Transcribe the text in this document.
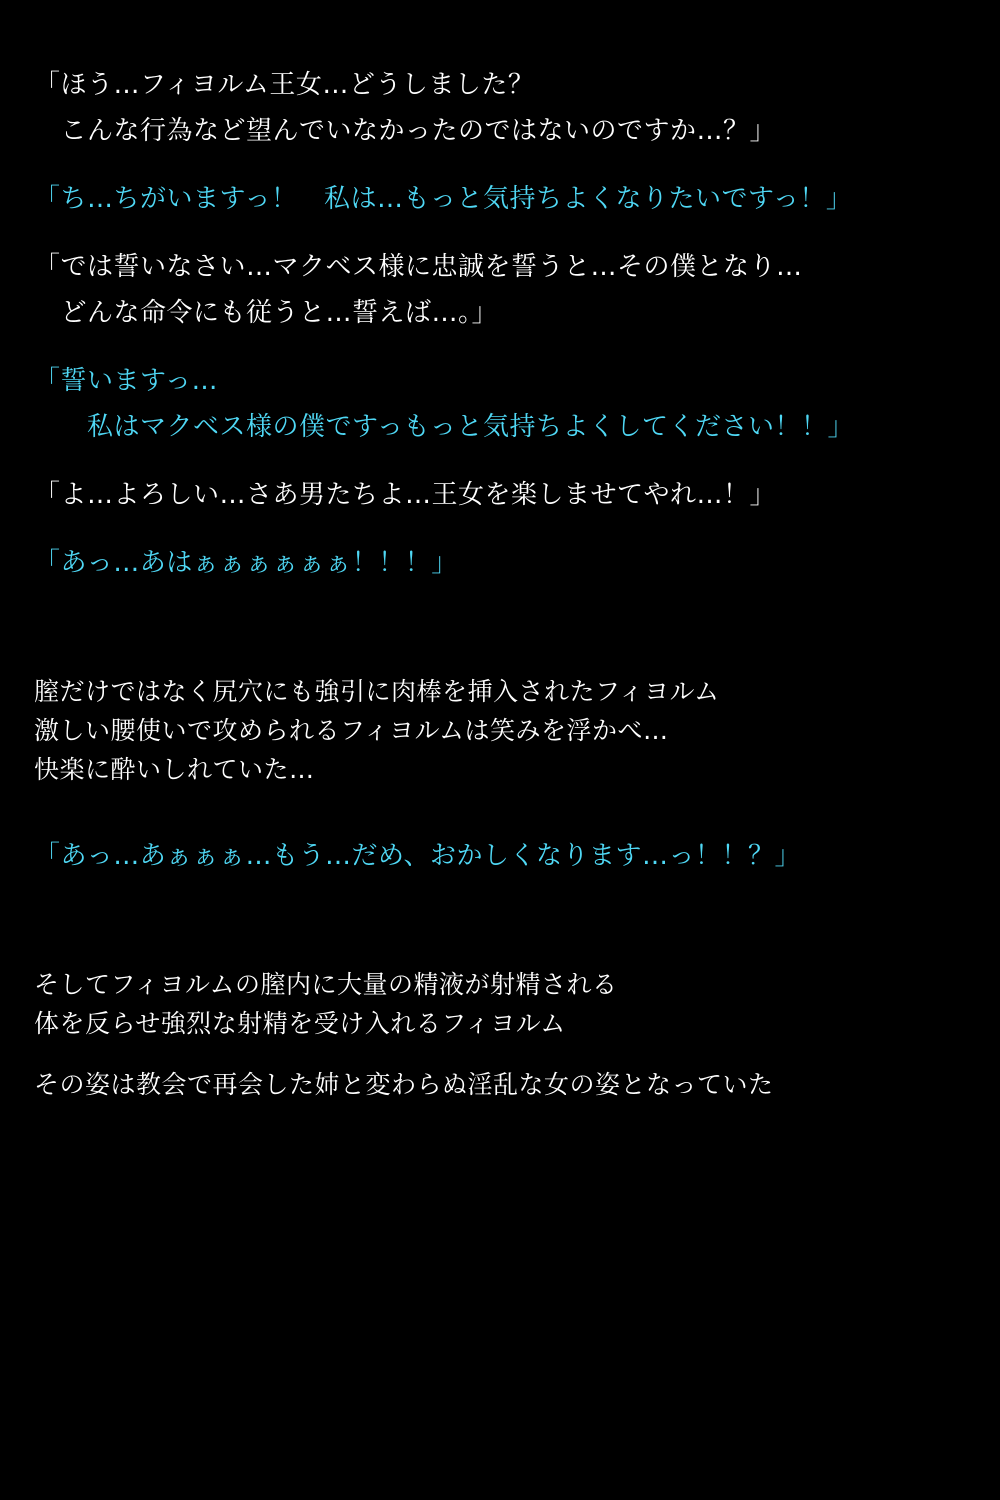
「ほう…フィヨルム王女…どうしました？
　こんな行為など望んでいなかったのではないのですか…？」
「ち…ちがいますっ！　私は…もっと気持ちよくなりたいですっ！」
「では誓いなさい…マクベス様に忠誠を誓うと…その僕となり…
　どんな命令にも従うと…誓えば…。」
「誓いますっ…
　　私はマクベス様の僕ですっもっと気持ちよくしてください！！」
「よ…よろしい…さあ男たちよ…王女を楽しませてやれ…！」
「あっ…あはぁぁぁぁぁぁ！！！」
膣だけではなく尻穴にも強引に肉棒を挿入されたフィヨルム
激しい腰使いで攻められるフィヨルムは笑みを浮かべ…
快楽に酔いしれていた…
「あっ…あぁぁぁ…もう…だめ、おかしくなります…っ！！？」
そしてフィヨルムの膣内に大量の精液が射精される
体を反らせ強烈な射精を受け入れるフィヨルム
その姿は教会で再会した姉と変わらぬ淫乱な女の姿となっていた
